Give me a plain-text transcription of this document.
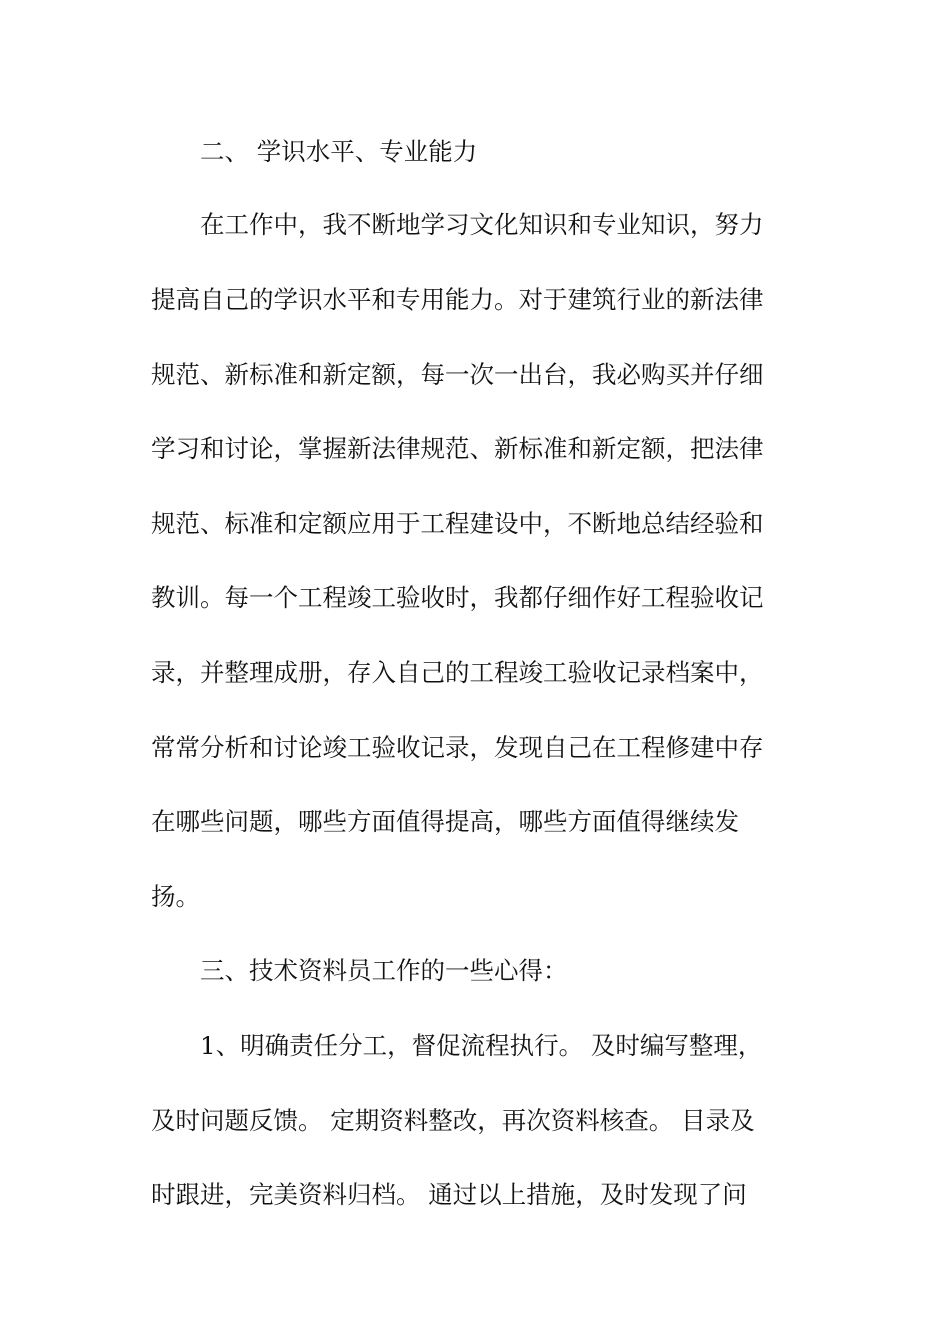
二、 学识水平、专业能力
在工作中，我不断地学习文化知识和专业知识，努力
提高自己的学识水平和专用能力。对于建筑行业的新法律
规范、新标准和新定额，每一次一出台，我必购买并仔细
学习和讨论，掌握新法律规范、新标准和新定额，把法律
规范、标准和定额应用于工程建设中，不断地总结经验和
教训。每一个工程竣工验收时，我都仔细作好工程验收记
录，并整理成册，存入自己的工程竣工验收记录档案中，
常常分析和讨论竣工验收记录，发现自己在工程修建中存
在哪些问题，哪些方面值得提高，哪些方面值得继续发
扬。
三、技术资料员工作的一些心得：
1、明确责任分工，督促流程执行。 及时编写整理，
及时问题反馈。 定期资料整改，再次资料核查。 目录及
时跟进，完美资料归档。 通过以上措施，及时发现了问
